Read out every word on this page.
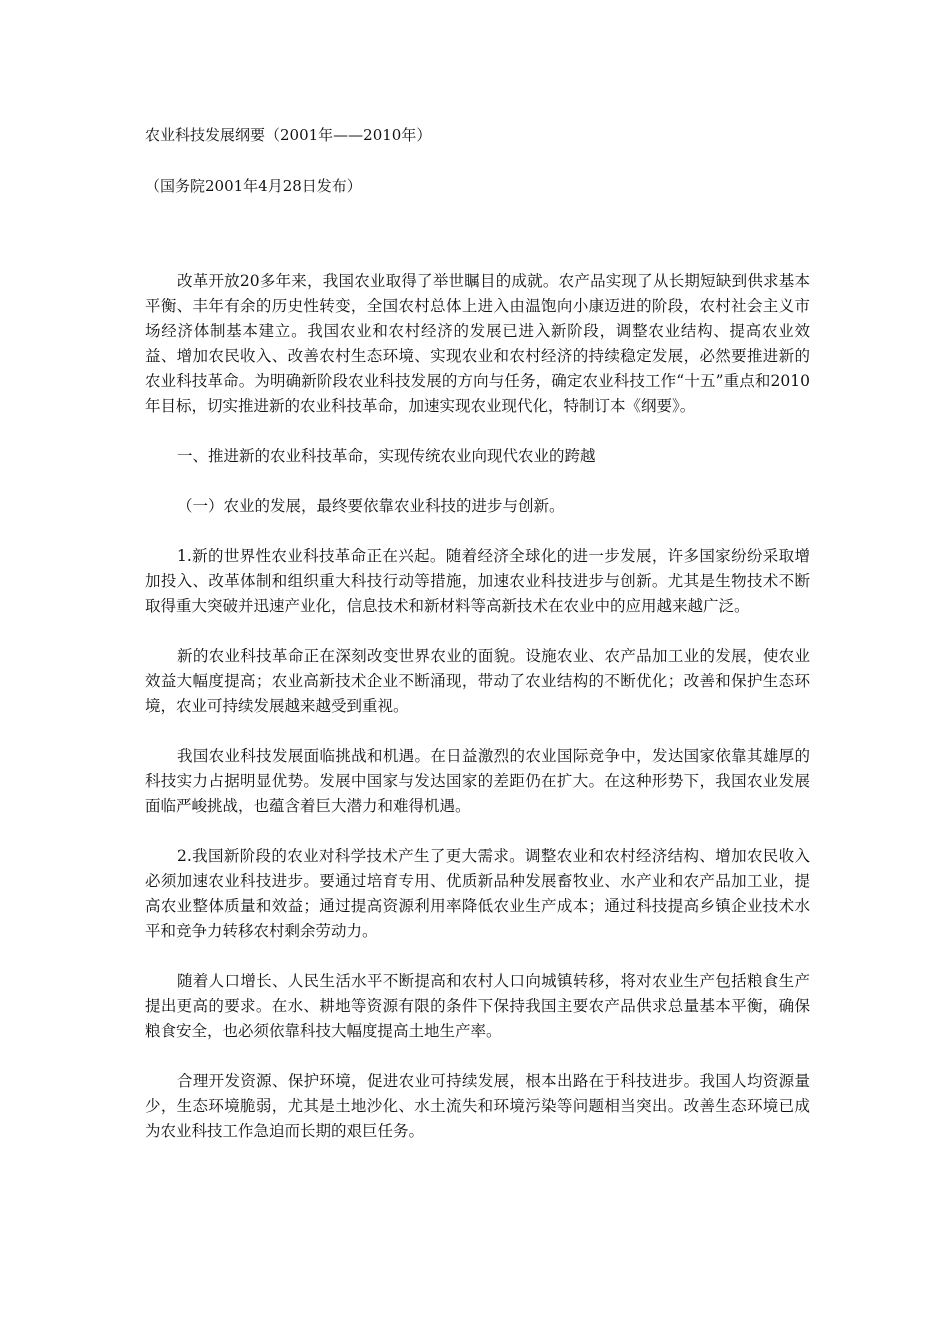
农业科技发展纲要（2001年——2010年）
（国务院2001年4月28日发布）

改革开放20多年来，我国农业取得了举世瞩目的成就。农产品实现了从长期短缺到供求基本平衡、丰年有余的历史性转变，全国农村总体上进入由温饱向小康迈进的阶段，农村社会主义市场经济体制基本建立。我国农业和农村经济的发展已进入新阶段，调整农业结构、提高农业效益、增加农民收入、改善农村生态环境、实现农业和农村经济的持续稳定发展，必然要推进新的农业科技革命。为明确新阶段农业科技发展的方向与任务，确定农业科技工作“十五”重点和2010年目标，切实推进新的农业科技革命，加速实现农业现代化，特制订本《纲要》。

一、推进新的农业科技革命，实现传统农业向现代农业的跨越

（一）农业的发展，最终要依靠农业科技的进步与创新。

1.新的世界性农业科技革命正在兴起。随着经济全球化的进一步发展，许多国家纷纷采取增加投入、改革体制和组织重大科技行动等措施，加速农业科技进步与创新。尤其是生物技术不断取得重大突破并迅速产业化，信息技术和新材料等高新技术在农业中的应用越来越广泛。

新的农业科技革命正在深刻改变世界农业的面貌。设施农业、农产品加工业的发展，使农业效益大幅度提高；农业高新技术企业不断涌现，带动了农业结构的不断优化；改善和保护生态环境，农业可持续发展越来越受到重视。

我国农业科技发展面临挑战和机遇。在日益激烈的农业国际竞争中，发达国家依靠其雄厚的科技实力占据明显优势。发展中国家与发达国家的差距仍在扩大。在这种形势下，我国农业发展面临严峻挑战，也蕴含着巨大潜力和难得机遇。

2.我国新阶段的农业对科学技术产生了更大需求。调整农业和农村经济结构、增加农民收入必须加速农业科技进步。要通过培育专用、优质新品种发展畜牧业、水产业和农产品加工业，提高农业整体质量和效益；通过提高资源利用率降低农业生产成本；通过科技提高乡镇企业技术水平和竞争力转移农村剩余劳动力。

随着人口增长、人民生活水平不断提高和农村人口向城镇转移，将对农业生产包括粮食生产提出更高的要求。在水、耕地等资源有限的条件下保持我国主要农产品供求总量基本平衡，确保粮食安全，也必须依靠科技大幅度提高土地生产率。

合理开发资源、保护环境，促进农业可持续发展，根本出路在于科技进步。我国人均资源量少，生态环境脆弱，尤其是土地沙化、水土流失和环境污染等问题相当突出。改善生态环境已成为农业科技工作急迫而长期的艰巨任务。
